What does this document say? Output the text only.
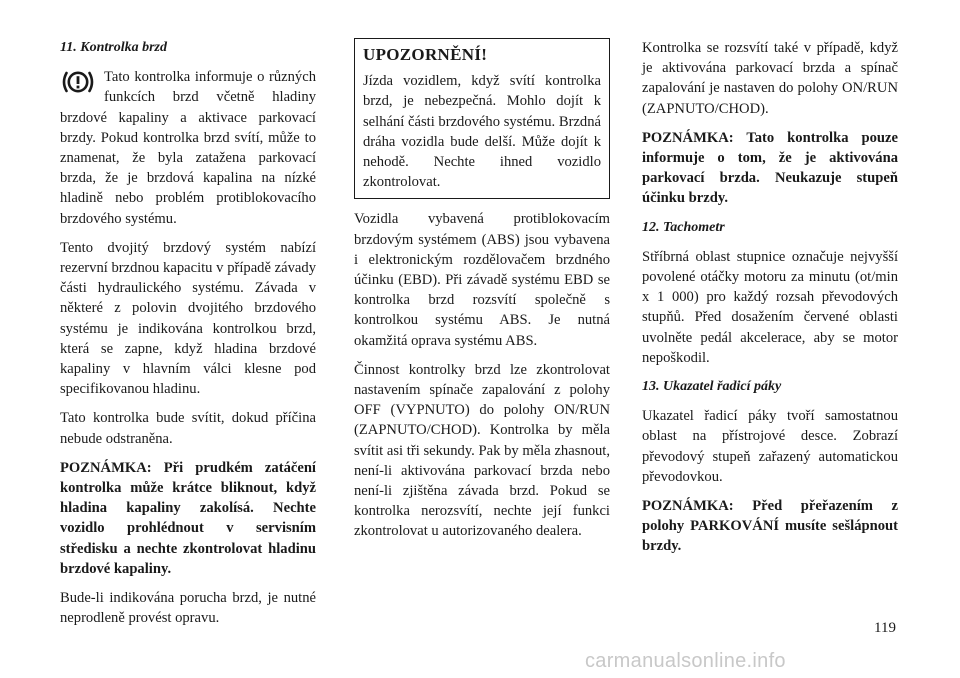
11. Kontrolka brzd

Tato kontrolka informuje o různých funkcích brzd včetně hladiny brzdové kapaliny a aktivace parkovací brzdy. Pokud kontrolka brzd svítí, může to znamenat, že byla zatažena parkovací brzda, že je brzdová kapalina na nízké hladině nebo problém protiblokovacího brzdového systému.

Tento dvojitý brzdový systém nabízí rezervní brzdnou kapacitu v případě závady části hydraulického systému. Závada v některé z polovin dvojitého brzdového systému je indikována kontrolkou brzd, která se zapne, když hladina brzdové kapaliny v hlavním válci klesne pod specifikovanou hladinu.

Tato kontrolka bude svítit, dokud příčina nebude odstraněna.

POZNÁMKA: Při prudkém zatáčení kontrolka může krátce bliknout, když hladina kapaliny zakolísá. Nechte vozidlo prohlédnout v servisním středisku a nechte zkontrolovat hladinu brzdové kapaliny.

Bude-li indikována porucha brzd, je nutné neprodleně provést opravu.

UPOZORNĚNÍ!

Jízda vozidlem, když svítí kontrolka brzd, je nebezpečná. Mohlo dojít k selhání části brzdového systému. Brzdná dráha vozidla bude delší. Může dojít k nehodě. Nechte ihned vozidlo zkontrolovat.

Vozidla vybavená protiblokovacím brzdovým systémem (ABS) jsou vybavena i elektronickým rozdělovačem brzdného účinku (EBD). Při závadě systému EBD se kontrolka brzd rozsvítí společně s kontrolkou systému ABS. Je nutná okamžitá oprava systému ABS.

Činnost kontrolky brzd lze zkontrolovat nastavením spínače zapalování z polohy OFF (VYPNUTO) do polohy ON/RUN (ZAPNUTO/CHOD). Kontrolka by měla svítit asi tři sekundy. Pak by měla zhasnout, není-li aktivována parkovací brzda nebo není-li zjištěna závada brzd. Pokud se kontrolka nerozsvítí, nechte její funkci zkontrolovat u autorizovaného dealera.

Kontrolka se rozsvítí také v případě, když je aktivována parkovací brzda a spínač zapalování je nastaven do polohy ON/RUN (ZAPNUTO/CHOD).

POZNÁMKA: Tato kontrolka pouze informuje o tom, že je aktivována parkovací brzda. Neukazuje stupeň účinku brzdy.

12. Tachometr

Stříbrná oblast stupnice označuje nejvyšší povolené otáčky motoru za minutu (ot/min x 1 000) pro každý rozsah převodových stupňů. Před dosažením červené oblasti uvolněte pedál akcelerace, aby se motor nepoškodil.

13. Ukazatel řadicí páky

Ukazatel řadicí páky tvoří samostatnou oblast na přístrojové desce. Zobrazí převodový stupeň zařazený automatickou převodovkou.

POZNÁMKA: Před přeřazením z polohy PARKOVÁNÍ musíte sešlápnout brzdy.

119
carmanualsonline.info
